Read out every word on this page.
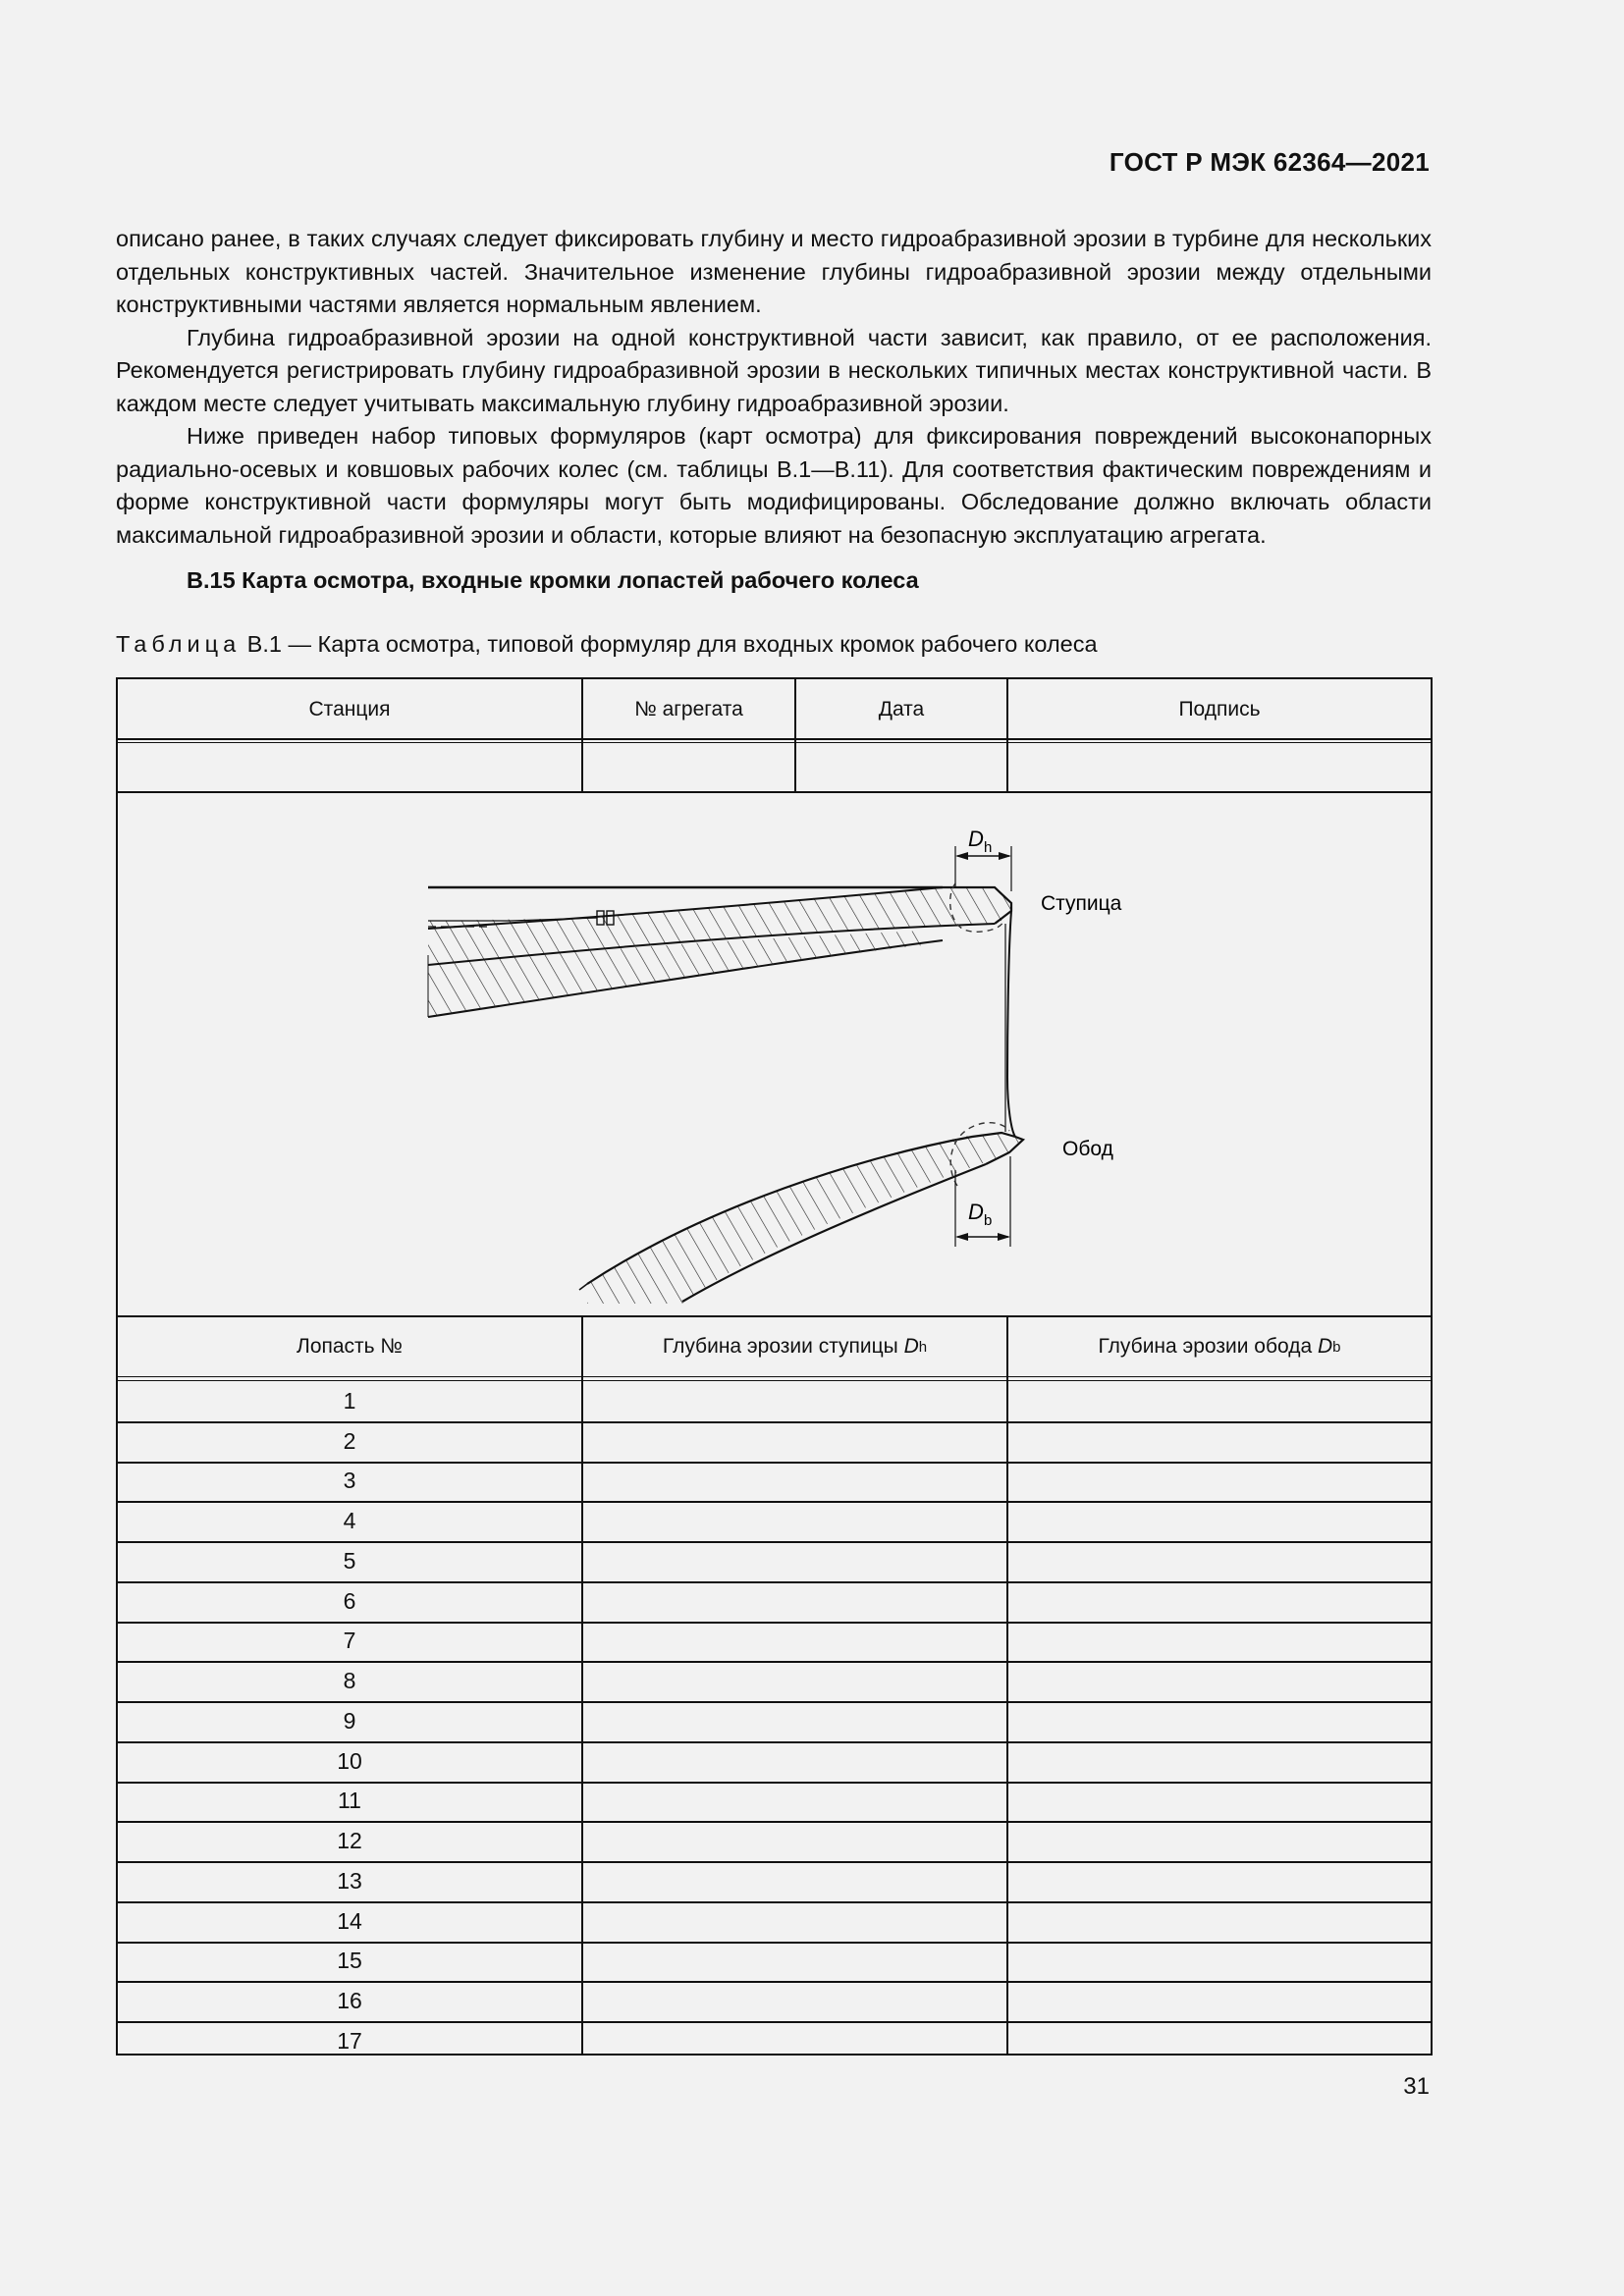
ГОСТ Р МЭК 62364—2021

описано ранее, в таких случаях следует фиксировать глубину и место гидроабразивной эрозии в турбине для нескольких отдельных конструктивных частей. Значительное изменение глубины гидроабразивной эрозии между отдельными конструктивными частями является нормальным явлением.

Глубина гидроабразивной эрозии на одной конструктивной части зависит, как правило, от ее расположения. Рекомендуется регистрировать глубину гидроабразивной эрозии в нескольких типичных местах конструктивной части. В каждом месте следует учитывать максимальную глубину гидроабразивной эрозии.

Ниже приведен набор типовых формуляров (карт осмотра) для фиксирования повреждений высоконапорных радиально-осевых и ковшовых рабочих колес (см. таблицы В.1—В.11). Для соответствия фактическим повреждениям и форме конструктивной части формуляры могут быть модифицированы. Обследование должно включать области максимальной гидроабразивной эрозии и области, которые влияют на безопасную эксплуатацию агрегата.

В.15 Карта осмотра, входные кромки лопастей рабочего колеса
Таблица В.1 — Карта осмотра, типовой формуляр для входных кромок рабочего колеса
Станция	№ агрегата	Дата	Подпись
D h
Ступица
D b
Обод
Лопасть №	Глубина эрозии ступицы D h	Глубина эрозии обода D b
1
2
3
4
5
6
7
8
9
10
11
12
13
14
15
16
17
31
